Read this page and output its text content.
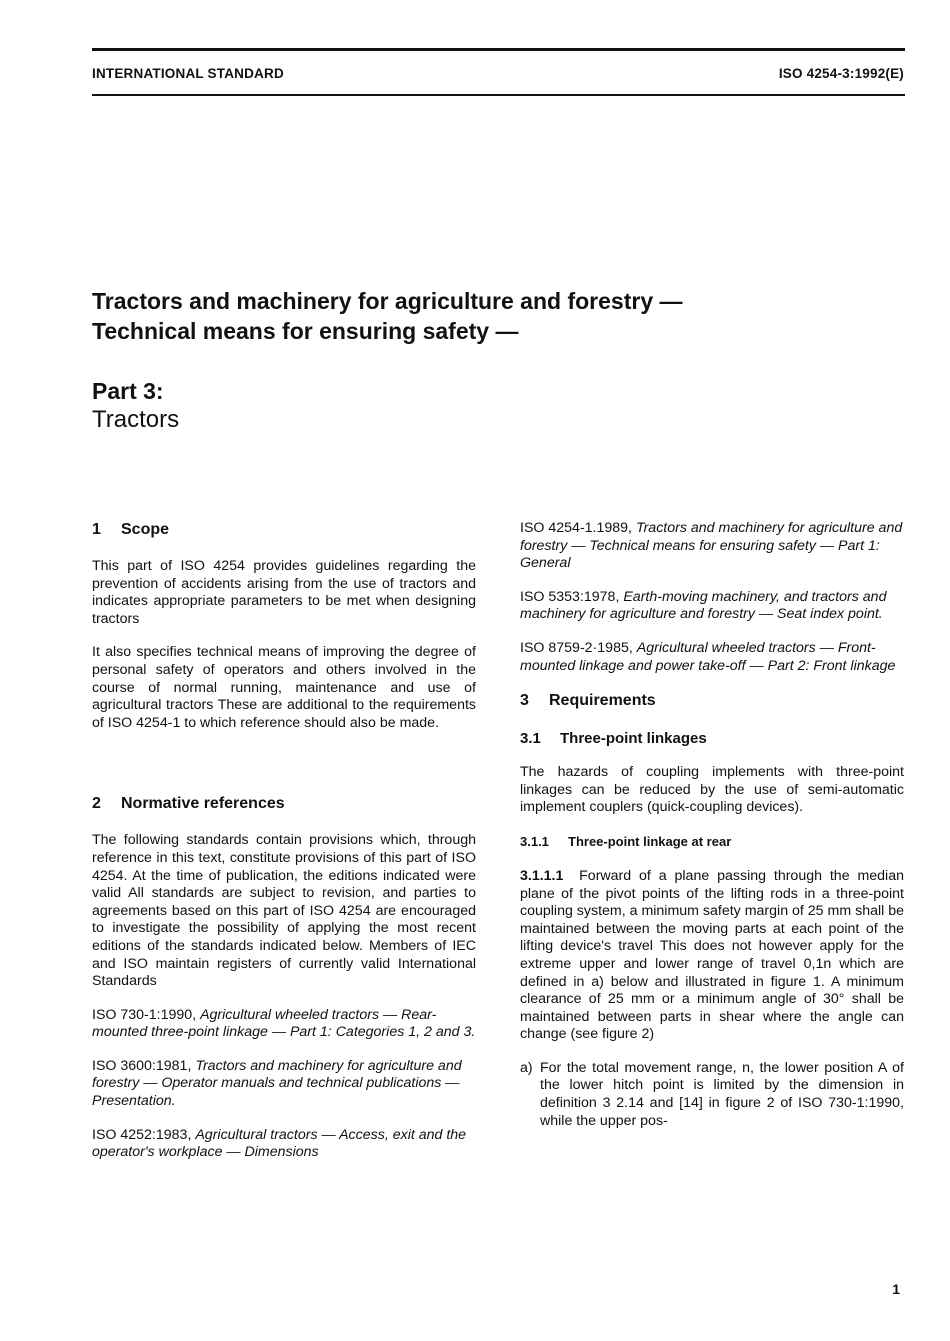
INTERNATIONAL STANDARD	ISO 4254-3:1992(E)
Tractors and machinery for agriculture and forestry —
Technical means for ensuring safety —
Part 3:
Tractors
1 Scope

This part of ISO 4254 provides guidelines regarding the prevention of accidents arising from the use of tractors and indicates appropriate parameters to be met when designing tractors

It also specifies technical means of improving the degree of personal safety of operators and others involved in the course of normal running, maintenance and use of agricultural tractors These are additional to the requirements of ISO 4254-1 to which reference should also be made.

2 Normative references

The following standards contain provisions which, through reference in this text, constitute provisions of this part of ISO 4254. At the time of publication, the editions indicated were valid All standards are subject to revision, and parties to agreements based on this part of ISO 4254 are encouraged to investigate the possibility of applying the most recent editions of the standards indicated below. Members of IEC and ISO maintain registers of currently valid International Standards

ISO 730-1:1990, Agricultural wheeled tractors — Rear-mounted three-point linkage — Part 1: Categories 1, 2 and 3.

ISO 3600:1981, Tractors and machinery for agriculture and forestry — Operator manuals and technical publications — Presentation.

ISO 4252:1983, Agricultural tractors — Access, exit and the operator's workplace — Dimensions

ISO 4254-1.1989, Tractors and machinery for agriculture and forestry — Technical means for ensuring safety — Part 1: General

ISO 5353:1978, Earth-moving machinery, and tractors and machinery for agriculture and forestry — Seat index point.

ISO 8759-2·1985, Agricultural wheeled tractors — Front-mounted linkage and power take-off — Part 2: Front linkage

3 Requirements
3.1 Three-point linkages

The hazards of coupling implements with three-point linkages can be reduced by the use of semi-automatic implement couplers (quick-coupling devices).

3.1.1 Three-point linkage at rear

3.1.1.1 Forward of a plane passing through the median plane of the pivot points of the lifting rods in a three-point coupling system, a minimum safety margin of 25 mm shall be maintained between the moving parts at each point of the lifting device's travel This does not however apply for the extreme upper and lower range of travel 0,1n which are defined in a) below and illustrated in figure 1. A minimum clearance of 25 mm or a minimum angle of 30° shall be maintained between parts in shear where the angle can change (see figure 2)

a) For the total movement range, n, the lower position A of the lower hitch point is limited by the dimension in definition 3 2.14 and [14] in figure 2 of ISO 730-1:1990, while the upper pos-
1
